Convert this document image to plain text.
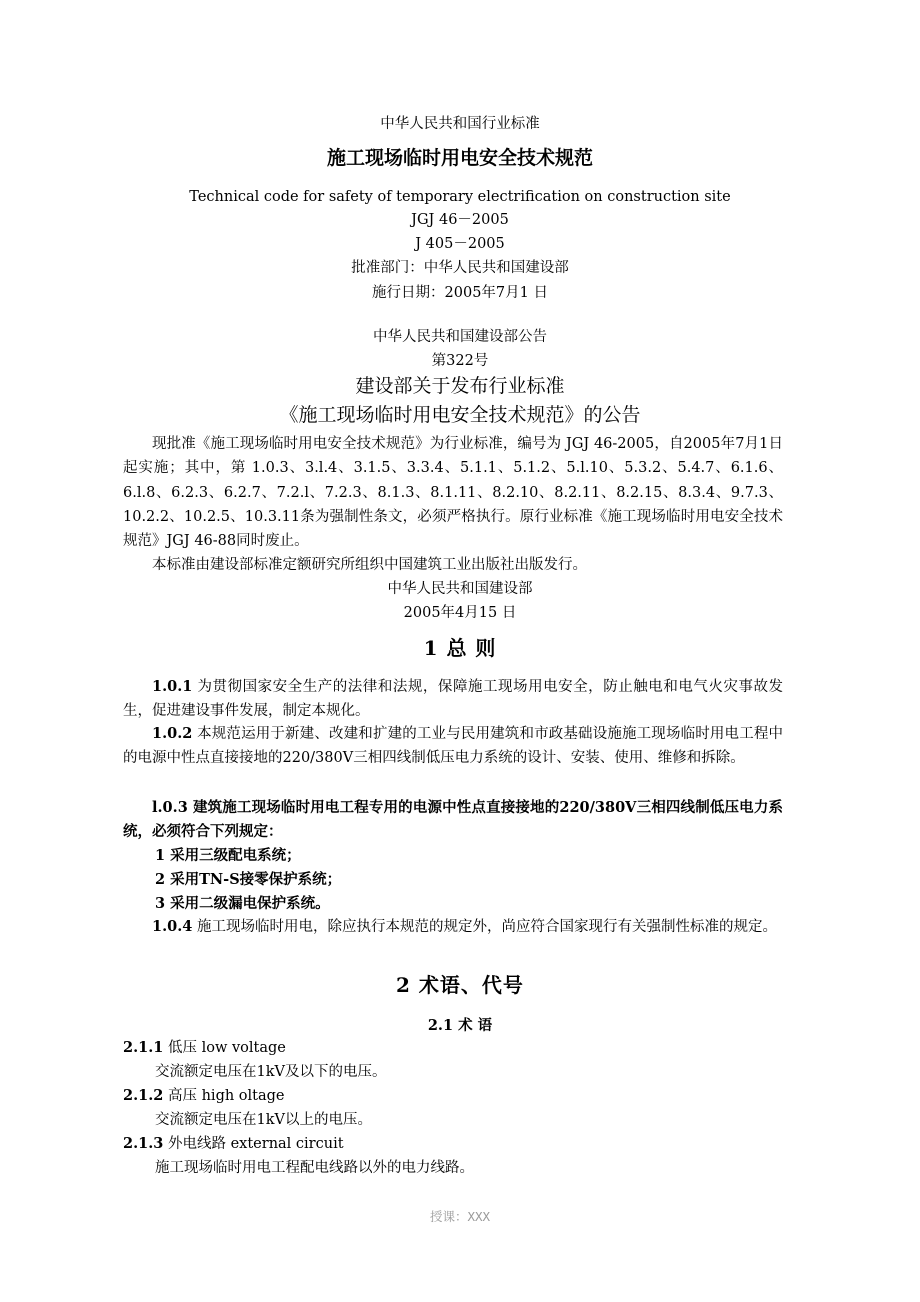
中华人民共和国行业标准
施工现场临时用电安全技术规范
Technical code for safety of temporary electrification on construction site
JGJ 46－2005
J 405－2005
批准部门：中华人民共和国建设部
施行日期：2005年7月1 日
中华人民共和国建设部公告
第322号
建设部关于发布行业标准
《施工现场临时用电安全技术规范》的公告
现批准《施工现场临时用电安全技术规范》为行业标准，编号为 JGJ 46-2005，自2005年7月1日起实施；其中，第 1.0.3、3.l.4、3.1.5、3.3.4、5.1.1、5.1.2、5.l.10、5.3.2、5.4.7、6.1.6、6.l.8、6.2.3、6.2.7、7.2.l、7.2.3、8.1.3、8.1.11、8.2.10、8.2.11、8.2.15、8.3.4、9.7.3、10.2.2、10.2.5、10.3.11条为强制性条文，必须严格执行。原行业标准《施工现场临时用电安全技术规范》JGJ 46-88同时废止。
本标准由建设部标准定额研究所组织中国建筑工业出版社出版发行。
中华人民共和国建设部
2005年4月15 日
1 总 则
1.0.1 为贯彻国家安全生产的法律和法规，保障施工现场用电安全，防止触电和电气火灾事故发生，促进建设事件发展，制定本规化。
1.0.2 本规范运用于新建、改建和扩建的工业与民用建筑和市政基础设施施工现场临时用电工程中的电源中性点直接接地的220/380V三相四线制低压电力系统的设计、安装、使用、维修和拆除。
l.0.3 建筑施工现场临时用电工程专用的电源中性点直接接地的220/380V三相四线制低压电力系统，必须符合下列规定：
1 采用三级配电系统；
2 采用TN-S接零保护系统；
3 采用二级漏电保护系统。
1.0.4 施工现场临时用电，除应执行本规范的规定外，尚应符合国家现行有关强制性标准的规定。
2 术语、代号
2.1 术 语
2.1.1 低压 low voltage
交流额定电压在1kV及以下的电压。
2.1.2 高压 high oltage
交流额定电压在1kV以上的电压。
2.1.3 外电线路 external circuit
施工现场临时用电工程配电线路以外的电力线路。
授课：XXX
